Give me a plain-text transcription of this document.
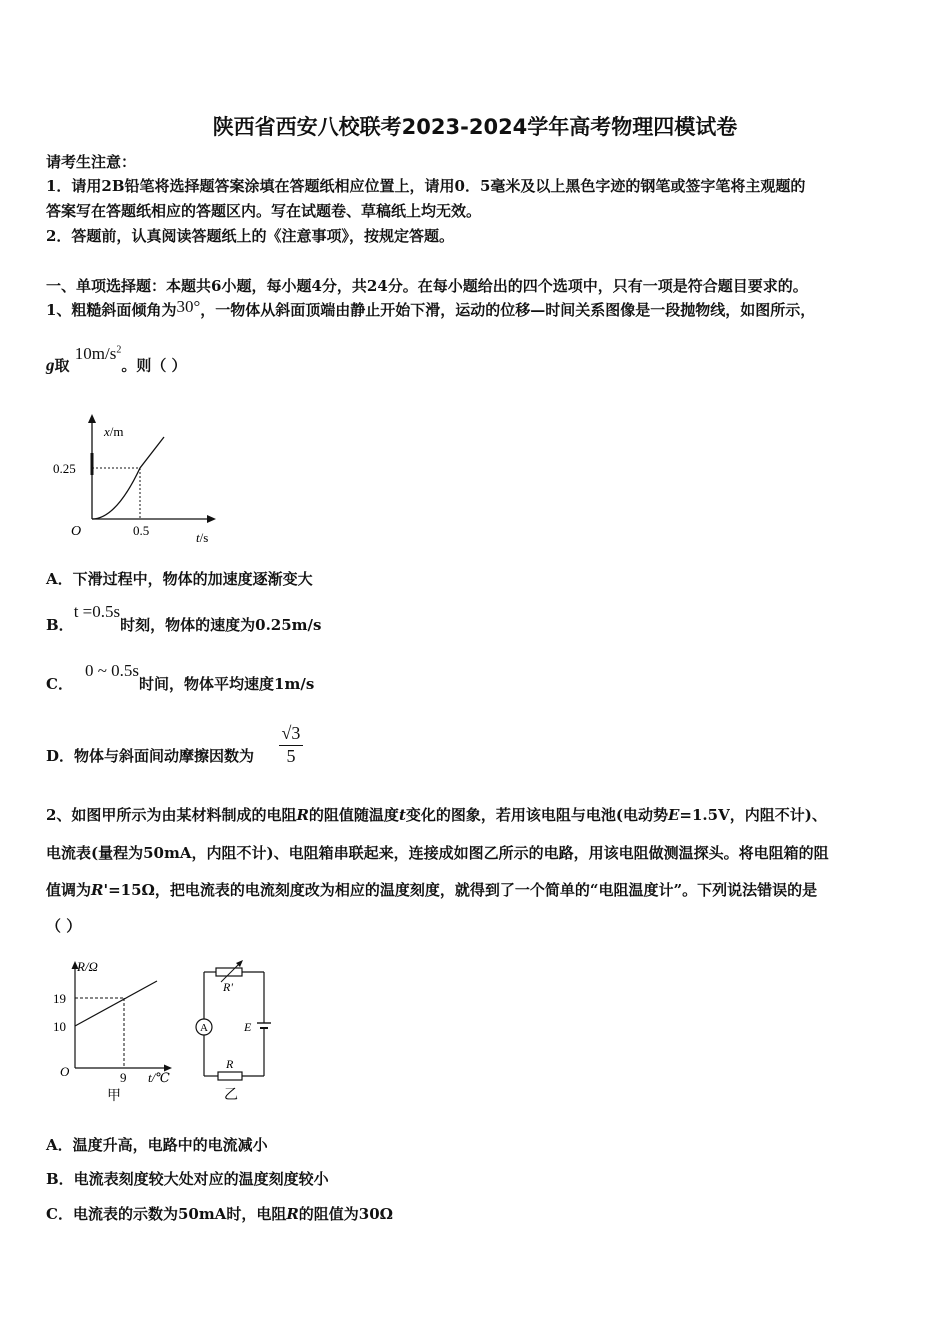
陕西省西安八校联考2023-2024学年高考物理四模试卷
请考生注意：
1．请用2B铅笔将选择题答案涂填在答题纸相应位置上，请用0．5毫米及以上黑色字迹的钢笔或签字笔将主观题的
答案写在答题纸相应的答题区内。写在试题卷、草稿纸上均无效。
2．答题前，认真阅读答题纸上的《注意事项》，按规定答题。
一、单项选择题：本题共6小题，每小题4分，共24分。在每小题给出的四个选项中，只有一项是符合题目要求的。
1、粗糙斜面倾角为30°，一物体从斜面顶端由静止开始下滑，运动的位移—时间关系图像是一段抛物线，如图所示，
g取 $10m/s^2$。则（ ）
x/m
0.25
0.5
O	t/s
A．下滑过程中，物体的加速度逐渐变大
B．t =0.5s时刻，物体的速度为0.25m/s
C．0 ~ 0.5s时间，物体平均速度1m/s
D．物体与斜面间动摩擦因数为 $\frac{√3}{5}$
2、如图甲所示为由某材料制成的电阻R的阻值随温度t变化的图象，若用该电阻与电池(电动势E=1.5V，内阻不计)、
电流表(量程为50mA，内阻不计)、电阻箱串联起来，连接成如图乙所示的电路，用该电阻做测温探头。将电阻箱的阻
值调为R'=15Ω，把电流表的电流刻度改为相应的温度刻度，就得到了一个简单的“电阻温度计”。下列说法错误的是
（ ）
R/Ω
19
10
O	9 t/℃
甲
R'
A
R
E
乙
A．温度升高，电路中的电流减小
B．电流表刻度较大处对应的温度刻度较小
C．电流表的示数为50mA时，电阻R的阻值为30Ω
